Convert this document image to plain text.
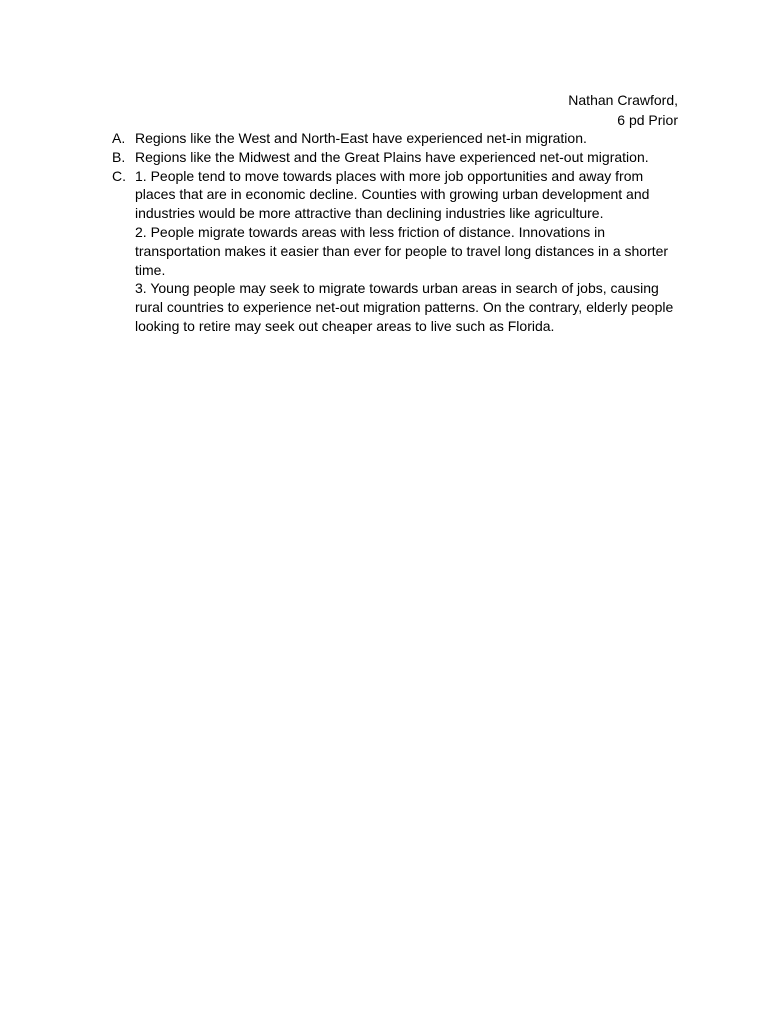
Nathan Crawford,
6 pd Prior
A. Regions like the West and North-East have experienced net-in migration.

B. Regions like the Midwest and the Great Plains have experienced net-out migration.

C. 1. People tend to move towards places with more job opportunities and away from places that are in economic decline. Counties with growing urban development and industries would be more attractive than declining industries like agriculture.

2. People migrate towards areas with less friction of distance. Innovations in transportation makes it easier than ever for people to travel long distances in a shorter time.

3. Young people may seek to migrate towards urban areas in search of jobs, causing rural countries to experience net-out migration patterns. On the contrary, elderly people looking to retire may seek out cheaper areas to live such as Florida.
